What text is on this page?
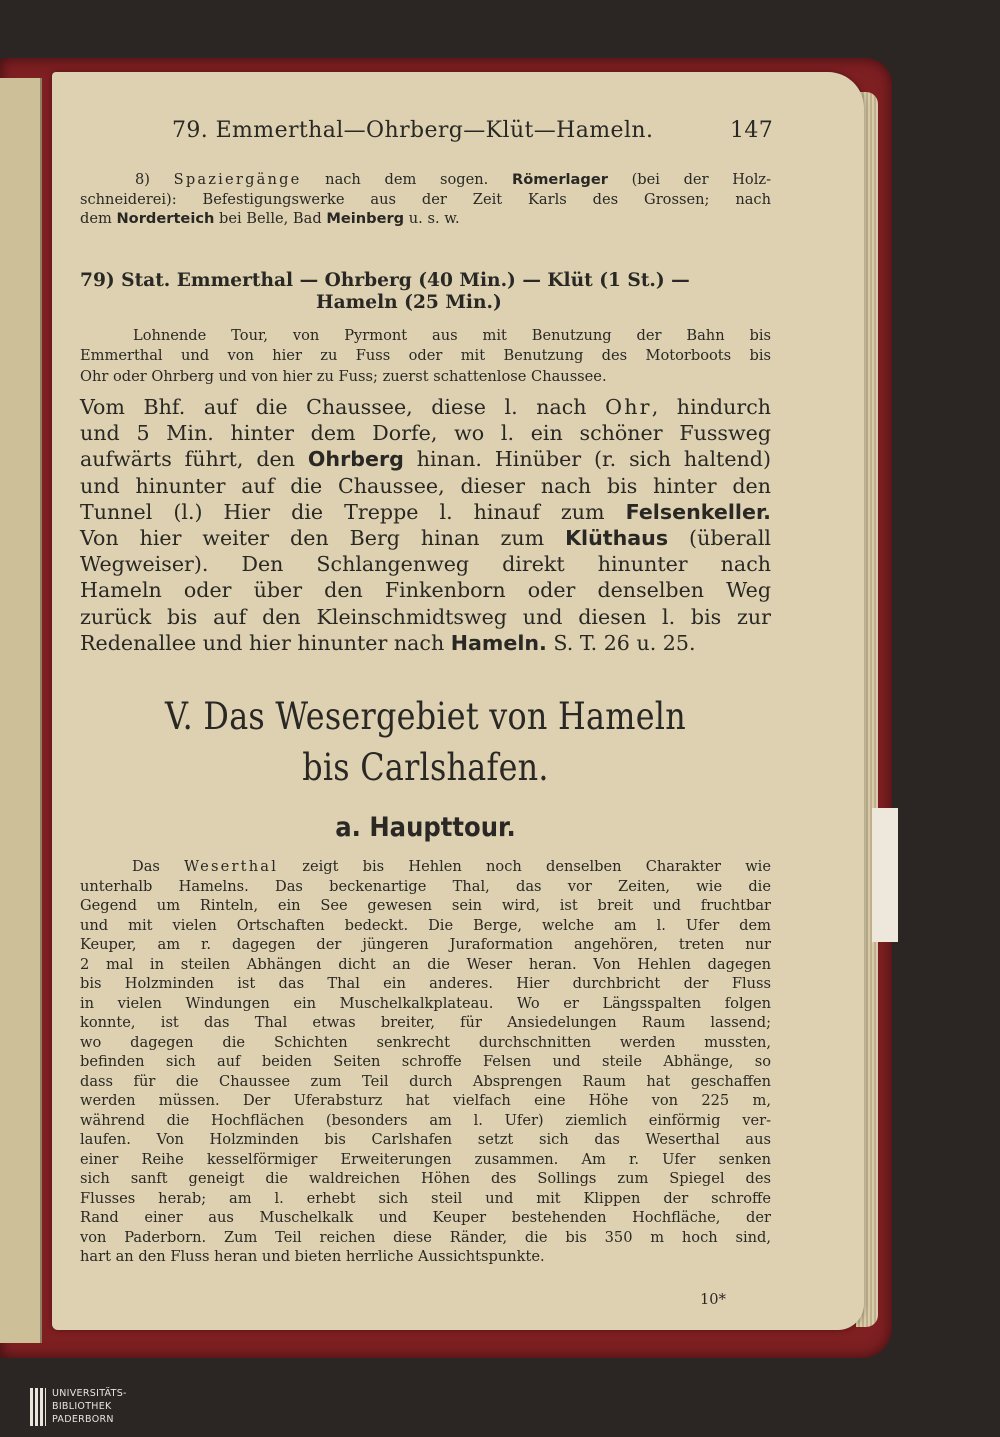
79. Emmerthal—Ohrberg—Klüt—Hameln.	147
8) Spaziergänge nach dem sogen. Römerlager (bei der Holz-
schneiderei): Befestigungswerke aus der Zeit Karls des Grossen; nach
dem Norderteich bei Belle, Bad Meinberg u. s. w.
79) Stat. Emmerthal — Ohrberg (40 Min.) — Klüt (1 St.) —
Hameln (25 Min.)
Lohnende Tour, von Pyrmont aus mit Benutzung der Bahn bis
Emmerthal und von hier zu Fuss oder mit Benutzung des Motorboots bis
Ohr oder Ohrberg und von hier zu Fuss; zuerst schattenlose Chaussee.
Vom Bhf. auf die Chaussee, diese l. nach Ohr, hindurch
und 5 Min. hinter dem Dorfe, wo l. ein schöner Fussweg
aufwärts führt, den Ohrberg hinan. Hinüber (r. sich haltend)
und hinunter auf die Chaussee, dieser nach bis hinter den
Tunnel (l.) Hier die Treppe l. hinauf zum Felsenkeller.
Von hier weiter den Berg hinan zum Klüthaus (überall
Wegweiser). Den Schlangenweg direkt hinunter nach
Hameln oder über den Finkenborn oder denselben Weg
zurück bis auf den Kleinschmidtsweg und diesen l. bis zur
Redenallee und hier hinunter nach Hameln. S. T. 26 u. 25.
V. Das Wesergebiet von Hameln
bis Carlshafen.
a. Haupttour.
Das Weserthal zeigt bis Hehlen noch denselben Charakter wie
unterhalb Hamelns. Das beckenartige Thal, das vor Zeiten, wie die
Gegend um Rinteln, ein See gewesen sein wird, ist breit und fruchtbar
und mit vielen Ortschaften bedeckt. Die Berge, welche am l. Ufer dem
Keuper, am r. dagegen der jüngeren Juraformation angehören, treten nur
2 mal in steilen Abhängen dicht an die Weser heran. Von Hehlen dagegen
bis Holzminden ist das Thal ein anderes. Hier durchbricht der Fluss
in vielen Windungen ein Muschelkalkplateau. Wo er Längsspalten folgen
konnte, ist das Thal etwas breiter, für Ansiedelungen Raum lassend;
wo dagegen die Schichten senkrecht durchschnitten werden mussten,
befinden sich auf beiden Seiten schroffe Felsen und steile Abhänge, so
dass für die Chaussee zum Teil durch Absprengen Raum hat geschaffen
werden müssen. Der Uferabsturz hat vielfach eine Höhe von 225 m,
während die Hochflächen (besonders am l. Ufer) ziemlich einförmig ver-
laufen. Von Holzminden bis Carlshafen setzt sich das Weserthal aus
einer Reihe kesselförmiger Erweiterungen zusammen. Am r. Ufer senken
sich sanft geneigt die waldreichen Höhen des Sollings zum Spiegel des
Flusses herab; am l. erhebt sich steil und mit Klippen der schroffe
Rand einer aus Muschelkalk und Keuper bestehenden Hochfläche, der
von Paderborn. Zum Teil reichen diese Ränder, die bis 350 m hoch sind,
hart an den Fluss heran und bieten herrliche Aussichtspunkte.
10*
UNIVERSITÄTS-
BIBLIOTHEK
PADERBORN
